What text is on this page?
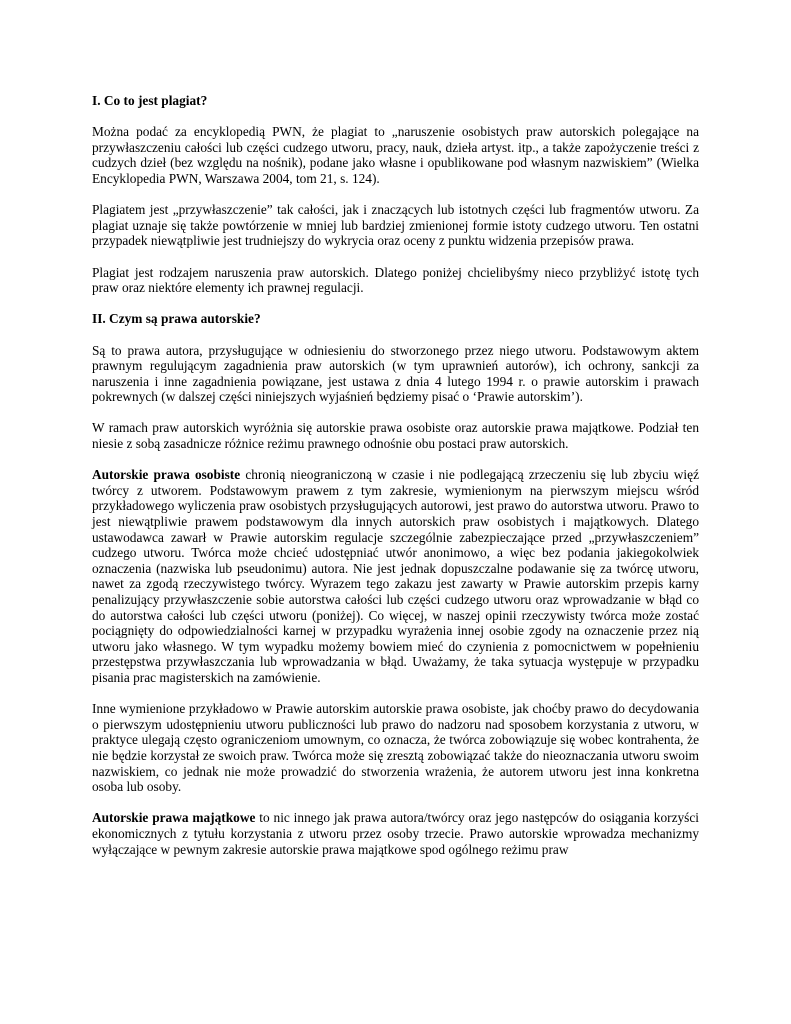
I. Co to jest plagiat?

Można podać za encyklopedią PWN, że plagiat to „naruszenie osobistych praw autorskich polegające na przywłaszczeniu całości lub części cudzego utworu, pracy, nauk, dzieła artyst. itp., a także zapożyczenie treści z cudzych dzieł (bez względu na nośnik), podane jako własne i opublikowane pod własnym nazwiskiem” (Wielka Encyklopedia PWN, Warszawa 2004, tom 21, s. 124).

Plagiatem jest „przywłaszczenie” tak całości, jak i znaczących lub istotnych części lub fragmentów utworu. Za plagiat uznaje się także powtórzenie w mniej lub bardziej zmienionej formie istoty cudzego utworu. Ten ostatni przypadek niewątpliwie jest trudniejszy do wykrycia oraz oceny z punktu widzenia przepisów prawa.

Plagiat jest rodzajem naruszenia praw autorskich. Dlatego poniżej chcielibyśmy nieco przybliżyć istotę tych praw oraz niektóre elementy ich prawnej regulacji.

II. Czym są prawa autorskie?

Są to prawa autora, przysługujące w odniesieniu do stworzonego przez niego utworu. Podstawowym aktem prawnym regulującym zagadnienia praw autorskich (w tym uprawnień autorów), ich ochrony, sankcji za naruszenia i inne zagadnienia powiązane, jest ustawa z dnia 4 lutego 1994 r. o prawie autorskim i prawach pokrewnych (w dalszej części niniejszych wyjaśnień będziemy pisać o ‘Prawie autorskim’).

W ramach praw autorskich wyróżnia się autorskie prawa osobiste oraz autorskie prawa majątkowe. Podział ten niesie z sobą zasadnicze różnice reżimu prawnego odnośnie obu postaci praw autorskich.

Autorskie prawa osobiste chronią nieograniczoną w czasie i nie podlegającą zrzeczeniu się lub zbyciu więź twórcy z utworem. Podstawowym prawem z tym zakresie, wymienionym na pierwszym miejscu wśród przykładowego wyliczenia praw osobistych przysługujących autorowi, jest prawo do autorstwa utworu. Prawo to jest niewątpliwie prawem podstawowym dla innych autorskich praw osobistych i majątkowych. Dlatego ustawodawca zawarł w Prawie autorskim regulacje szczególnie zabezpieczające przed „przywłaszczeniem” cudzego utworu. Twórca może chcieć udostępniać utwór anonimowo, a więc bez podania jakiegokolwiek oznaczenia (nazwiska lub pseudonimu) autora. Nie jest jednak dopuszczalne podawanie się za twórcę utworu, nawet za zgodą rzeczywistego twórcy. Wyrazem tego zakazu jest zawarty w Prawie autorskim przepis karny penalizujący przywłaszczenie sobie autorstwa całości lub części cudzego utworu oraz wprowadzanie w błąd co do autorstwa całości lub części utworu (poniżej). Co więcej, w naszej opinii rzeczywisty twórca może zostać pociągnięty do odpowiedzialności karnej w przypadku wyrażenia innej osobie zgody na oznaczenie przez nią utworu jako własnego. W tym wypadku możemy bowiem mieć do czynienia z pomocnictwem w popełnieniu przestępstwa przywłaszczania lub wprowadzania w błąd. Uważamy, że taka sytuacja występuje w przypadku pisania prac magisterskich na zamówienie.

Inne wymienione przykładowo w Prawie autorskim autorskie prawa osobiste, jak choćby prawo do decydowania o pierwszym udostępnieniu utworu publiczności lub prawo do nadzoru nad sposobem korzystania z utworu, w praktyce ulegają często ograniczeniom umownym, co oznacza, że twórca zobowiązuje się wobec kontrahenta, że nie będzie korzystał ze swoich praw. Twórca może się zresztą zobowiązać także do nieoznaczania utworu swoim nazwiskiem, co jednak nie może prowadzić do stworzenia wrażenia, że autorem utworu jest inna konkretna osoba lub osoby.

Autorskie prawa majątkowe to nic innego jak prawa autora/twórcy oraz jego następców do osiągania korzyści ekonomicznych z tytułu korzystania z utworu przez osoby trzecie. Prawo autorskie wprowadza mechanizmy wyłączające w pewnym zakresie autorskie prawa majątkowe spod ogólnego reżimu praw
